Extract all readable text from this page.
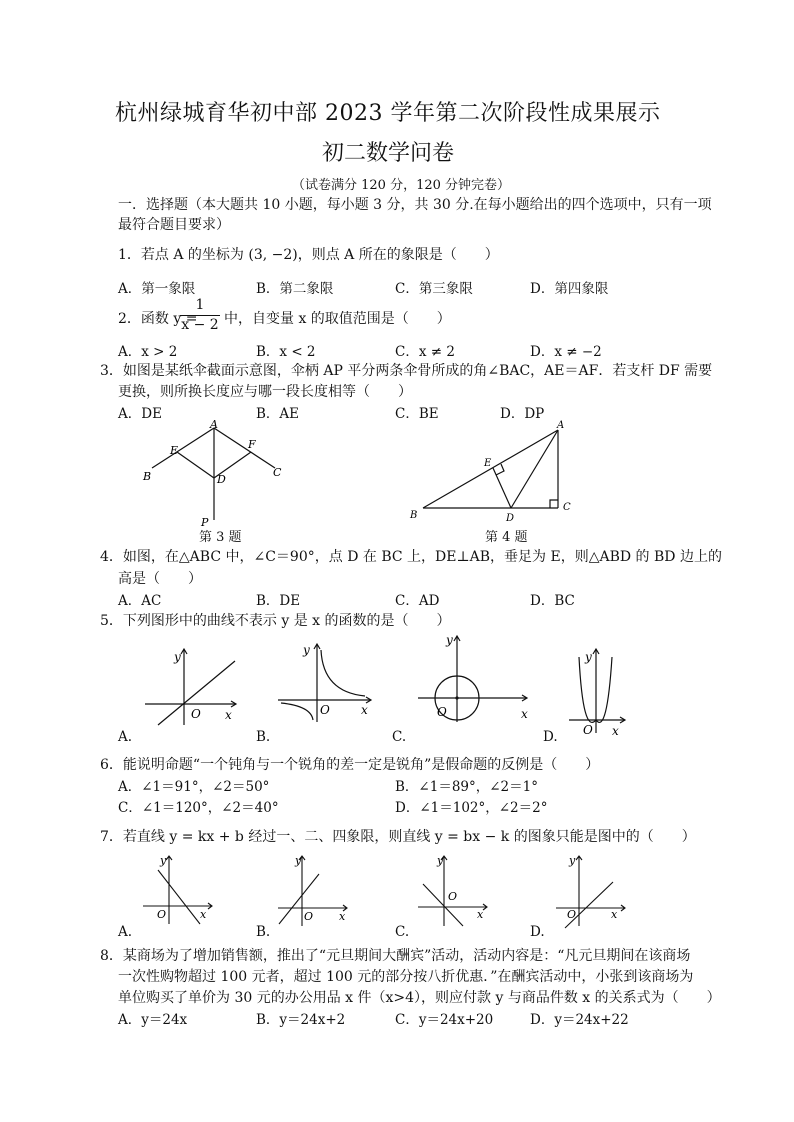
杭州绿城育华初中部 2023 学年第二次阶段性成果展示
初二数学问卷
（试卷满分 120 分，120 分钟完卷）
一．选择题（本大题共 10 小题，每小题 3 分，共 30 分.在每小题给出的四个选项中，只有一项
最符合题目要求）
1．若点 A 的坐标为 (3, −2)，则点 A 所在的象限是（　　）
A．第一象限	B．第二象限	C．第三象限	D．第四象限
2．函数 y =
1
x − 2 中，自变量 x 的取值范围是（　　）
A．x > 2	B．x < 2	C．x ≠ 2	D．x ≠ −2
3．如图是某纸伞截面示意图，伞柄 AP 平分两条伞骨所成的角∠BAC，AE＝AF．若支杆 DF 需要
更换，则所换长度应与哪一段长度相等（　　）
A．DE	B．AE	C．BE	D．DP
A
E	F
B	C
D
P
第 3 题
A
B
C
D
E
第 4 题
4．如图，在△ABC 中，∠C＝90°，点 D 在 BC 上，DE⊥AB，垂足为 E，则△ABD 的 BD 边上的
高是（　　）
A．AC	B．DE	C．AD	D．BC
5．下列图形中的曲线不表示 y 是 x 的函数的是（　　）
y
O x
A.
y
O	x
B.
y
O	x
C.
y
O x
D.
6．能说明命题“一个钝角与一个锐角的差一定是锐角”是假命题的反例是（　　）
A．∠1＝91°，∠2＝50°	B．∠1＝89°，∠2＝1°
C．∠1＝120°，∠2＝40°	D．∠1＝102°，∠2＝2°
7．若直线 y = kx + b 经过一、二、四象限，则直线 y = bx − k 的图象只能是图中的（　　）
y
O	x
A.
y
O x
B.
y
O
x
C.
y
O	x
D.
8．某商场为了增加销售额，推出了“元旦期间大酬宾”活动，活动内容是：“凡元旦期间在该商场
一次性购物超过 100 元者，超过 100 元的部分按八折优惠．”在酬宾活动中，小张到该商场为
单位购买了单价为 30 元的办公用品 x 件（x>4），则应付款 y 与商品件数 x 的关系式为（　　）
A．y＝24x	B．y＝24x+2	C．y＝24x+20	D．y＝24x+22
